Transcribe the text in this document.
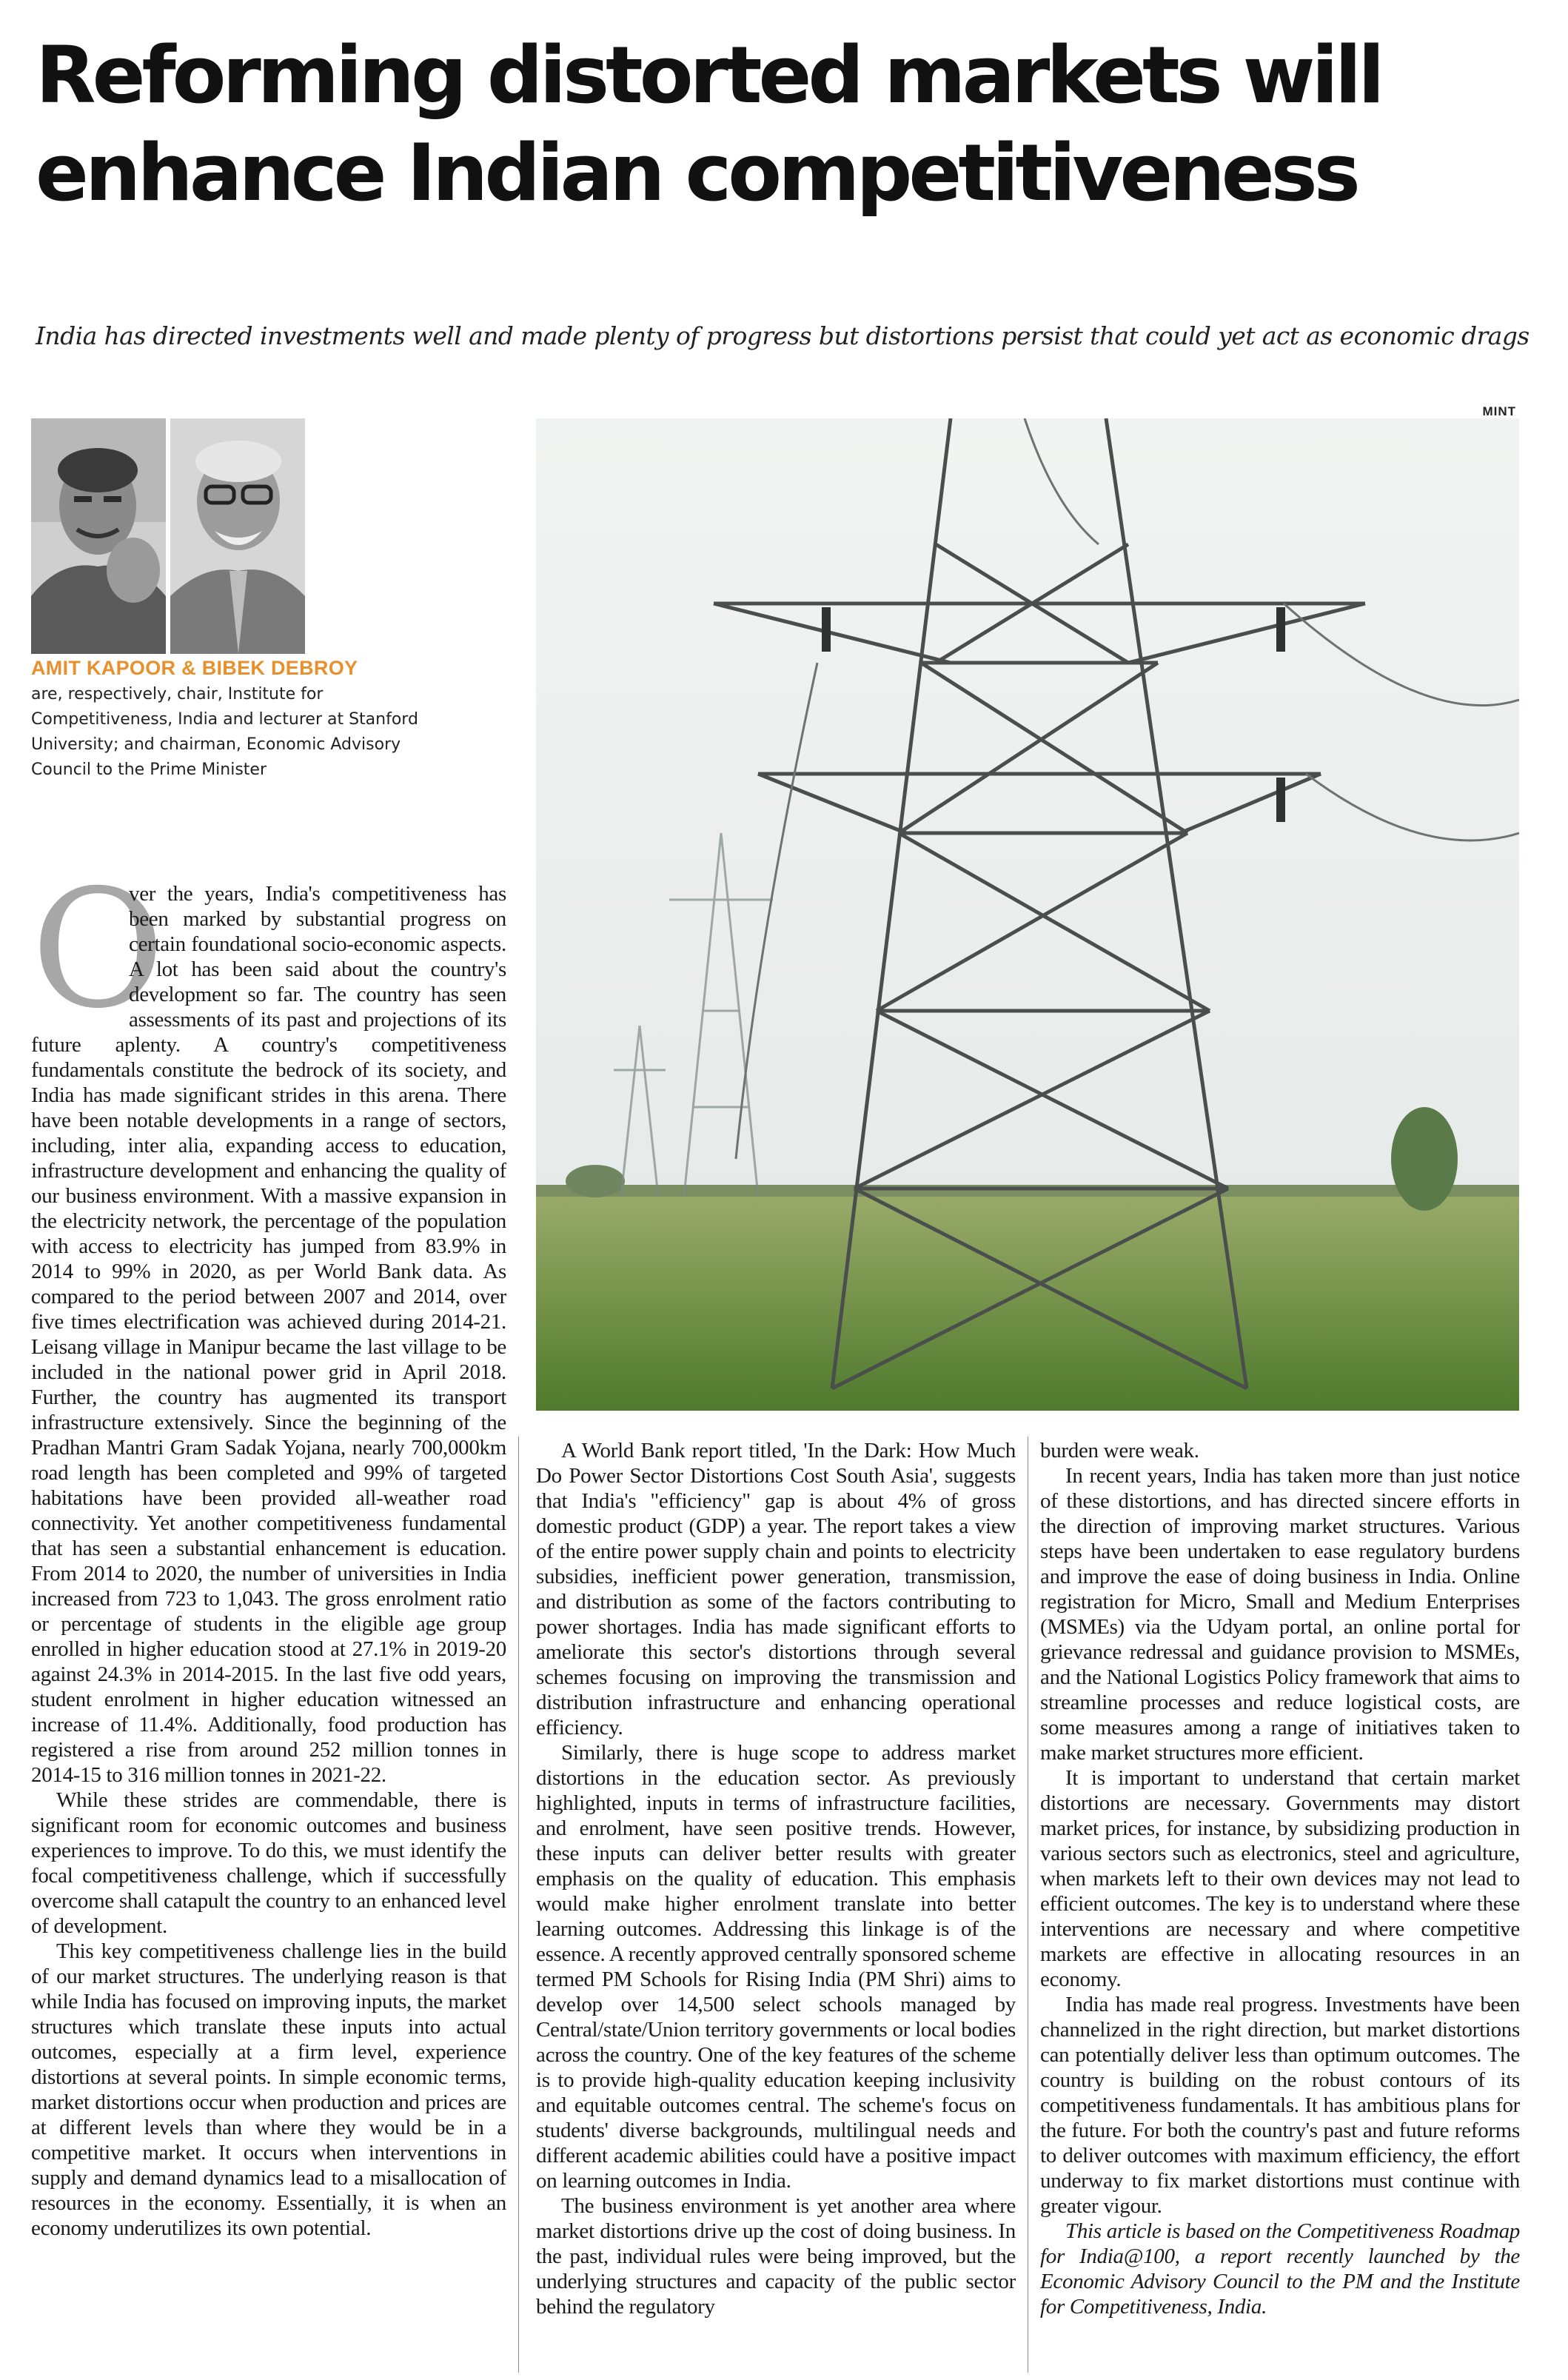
Reforming distorted markets will
enhance Indian competitiveness

India has directed investments well and made plenty of progress but distortions persist that could yet act as economic drags

MINT
AMIT KAPOOR & BIBEK DEBROY
are, respectively, chair, Institute for Competitiveness, India and lecturer at Stanford University; and chairman, Economic Advisory Council to the Prime Minister

O
ver the years, India's competitiveness has been marked by substantial progress on certain foundational socio-economic aspects. A lot has been said about the country's development so far. The country has seen assessments of its past and projections of its future aplenty. A country's competitiveness fundamentals constitute the bedrock of its society, and India has made significant strides in this arena. There have been notable developments in a range of sectors, including, inter alia, expanding access to education, infrastructure development and enhancing the quality of our business environment. With a massive expansion in the electricity network, the percentage of the population with access to electricity has jumped from 83.9% in 2014 to 99% in 2020, as per World Bank data. As compared to the period between 2007 and 2014, over five times electrification was achieved during 2014-21. Leisang village in Manipur became the last village to be included in the national power grid in April 2018. Further, the country has augmented its transport infrastructure extensively. Since the beginning of the Pradhan Mantri Gram Sadak Yojana, nearly 700,000km road length has been completed and 99% of targeted habitations have been provided all-weather road connectivity. Yet another competitiveness fundamental that has seen a substantial enhancement is education. From 2014 to 2020, the number of universities in India increased from 723 to 1,043. The gross enrolment ratio or percentage of students in the eligible age group enrolled in higher education stood at 27.1% in 2019-20 against 24.3% in 2014-2015. In the last five odd years, student enrolment in higher education witnessed an increase of 11.4%. Additionally, food production has registered a rise from around 252 million tonnes in 2014-15 to 316 million tonnes in 2021-22.

While these strides are commendable, there is significant room for economic outcomes and business experiences to improve. To do this, we must identify the focal competitiveness challenge, which if successfully overcome shall catapult the country to an enhanced level of development.

This key competitiveness challenge lies in the build of our market structures. The underlying reason is that while India has focused on improving inputs, the market structures which translate these inputs into actual outcomes, especially at a firm level, experience distortions at several points. In simple economic terms, market distortions occur when production and prices are at different levels than where they would be in a competitive market. It occurs when interventions in supply and demand dynamics lead to a misallocation of resources in the economy. Essentially, it is when an economy underutilizes its own potential.

A World Bank report titled, 'In the Dark: How Much Do Power Sector Distortions Cost South Asia', suggests that India's "efficiency" gap is about 4% of gross domestic product (GDP) a year. The report takes a view of the entire power supply chain and points to electricity subsidies, inefficient power generation, transmission, and distribution as some of the factors contributing to power shortages. India has made significant efforts to ameliorate this sector's distortions through several schemes focusing on improving the transmission and distribution infrastructure and enhancing operational efficiency.

Similarly, there is huge scope to address market distortions in the education sector. As previously highlighted, inputs in terms of infrastructure facilities, and enrolment, have seen positive trends. However, these inputs can deliver better results with greater emphasis on the quality of education. This emphasis would make higher enrolment translate into better learning outcomes. Addressing this linkage is of the essence. A recently approved centrally sponsored scheme termed PM Schools for Rising India (PM Shri) aims to develop over 14,500 select schools managed by Central/state/Union territory governments or local bodies across the country. One of the key features of the scheme is to provide high-quality education keeping inclusivity and equitable outcomes central. The scheme's focus on students' diverse backgrounds, multilingual needs and different academic abilities could have a positive impact on learning outcomes in India.

The business environment is yet another area where market distortions drive up the cost of doing business. In the past, individual rules were being improved, but the underlying structures and capacity of the public sector behind the regulatory

burden were weak.

In recent years, India has taken more than just notice of these distortions, and has directed sincere efforts in the direction of improving market structures. Various steps have been undertaken to ease regulatory burdens and improve the ease of doing business in India. Online registration for Micro, Small and Medium Enterprises (MSMEs) via the Udyam portal, an online portal for grievance redressal and guidance provision to MSMEs, and the National Logistics Policy framework that aims to streamline processes and reduce logistical costs, are some measures among a range of initiatives taken to make market structures more efficient.

It is important to understand that certain market distortions are necessary. Governments may distort market prices, for instance, by subsidizing production in various sectors such as electronics, steel and agriculture, when markets left to their own devices may not lead to efficient outcomes. The key is to understand where these interventions are necessary and where competitive markets are effective in allocating resources in an economy.

India has made real progress. Investments have been channelized in the right direction, but market distortions can potentially deliver less than optimum outcomes. The country is building on the robust contours of its competitiveness fundamentals. It has ambitious plans for the future. For both the country's past and future reforms to deliver outcomes with maximum efficiency, the effort underway to fix market distortions must continue with greater vigour.

This article is based on the Competitiveness Roadmap for India@100, a report recently launched by the Economic Advisory Council to the PM and the Institute for Competitiveness, India.
